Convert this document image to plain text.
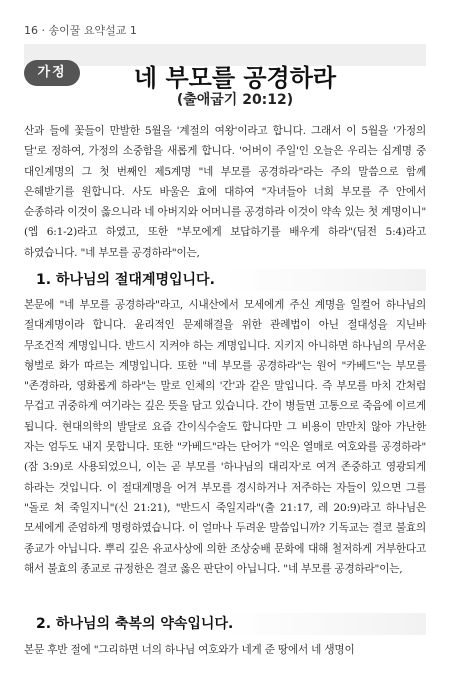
16 · 송이꿀 요약설교 1
가정	네 부모를 공경하라
(출애굽기 20:12)

산과 들에 꽃들이 만발한 5월을 '계절의 여왕'이라고 합니다. 그래서 이 5월을 '가정의 달'로 정하여, 가정의 소중함을 새롭게 합니다. '어버이 주일'인 오늘은 우리는 십계명 중 대인계명의 그 첫 번째인 제5계명 "네 부모를 공경하라"라는 주의 말씀으로 함께 은혜받기를 원합니다. 사도 바울은 효에 대하여 "자녀들아 너희 부모를 주 안에서 순종하라 이것이 옳으니라 네 아버지와 어머니를 공경하라 이것이 약속 있는 첫 계명이니"(엡 6:1-2)라고 하였고, 또한 "부모에게 보답하기를 배우게 하라"(딤전 5:4)라고 하였습니다. "네 부모를 공경하라"이는,

1. 하나님의 절대계명입니다.

본문에 "네 부모를 공경하라"라고, 시내산에서 모세에게 주신 계명을 일컬어 하나님의 절대계명이라 합니다. 윤리적인 문제해결을 위한 관례법이 아닌 절대성을 지닌바 무조건적 계명입니다. 반드시 지켜야 하는 계명입니다. 지키지 아니하면 하나님의 무서운 형벌로 화가 따르는 계명입니다. 또한 "네 부모를 공경하라"는 원어 "카베드"는 부모를 "존경하라, 영화롭게 하라"는 말로 인체의 '간'과 같은 말입니다. 즉 부모를 마치 간처럼 무겁고 귀중하게 여기라는 깊은 뜻을 담고 있습니다. 간이 병들면 고통으로 죽음에 이르게 됩니다. 현대의학의 발달로 요즘 간이식수술도 합니다만 그 비용이 만만치 않아 가난한 자는 엄두도 내지 못합니다. 또한 "카베드"라는 단어가 "익은 열매로 여호와를 공경하라"(잠 3:9)로 사용되었으니, 이는 곧 부모를 '하나님의 대리자'로 여겨 존중하고 영광되게 하라는 것입니다. 이 절대계명을 어겨 부모를 경시하거나 저주하는 자들이 있으면 그를 "돌로 쳐 죽일지니"(신 21:21), "반드시 죽일지라"(출 21:17, 레 20:9)라고 하나님은 모세에게 준엄하게 명령하였습니다. 이 얼마나 두려운 말씀입니까? 기독교는 결코 불효의 종교가 아닙니다. 뿌리 깊은 유교사상에 의한 조상숭배 문화에 대해 철저하게 거부한다고 해서 불효의 종교로 규정한은 결코 옳은 판단이 아닙니다. "네 부모를 공경하라"이는,

2. 하나님의 축복의 약속입니다.

본문 후반 절에 "그리하면 너의 하나님 여호와가 네게 준 땅에서 네 생명이
